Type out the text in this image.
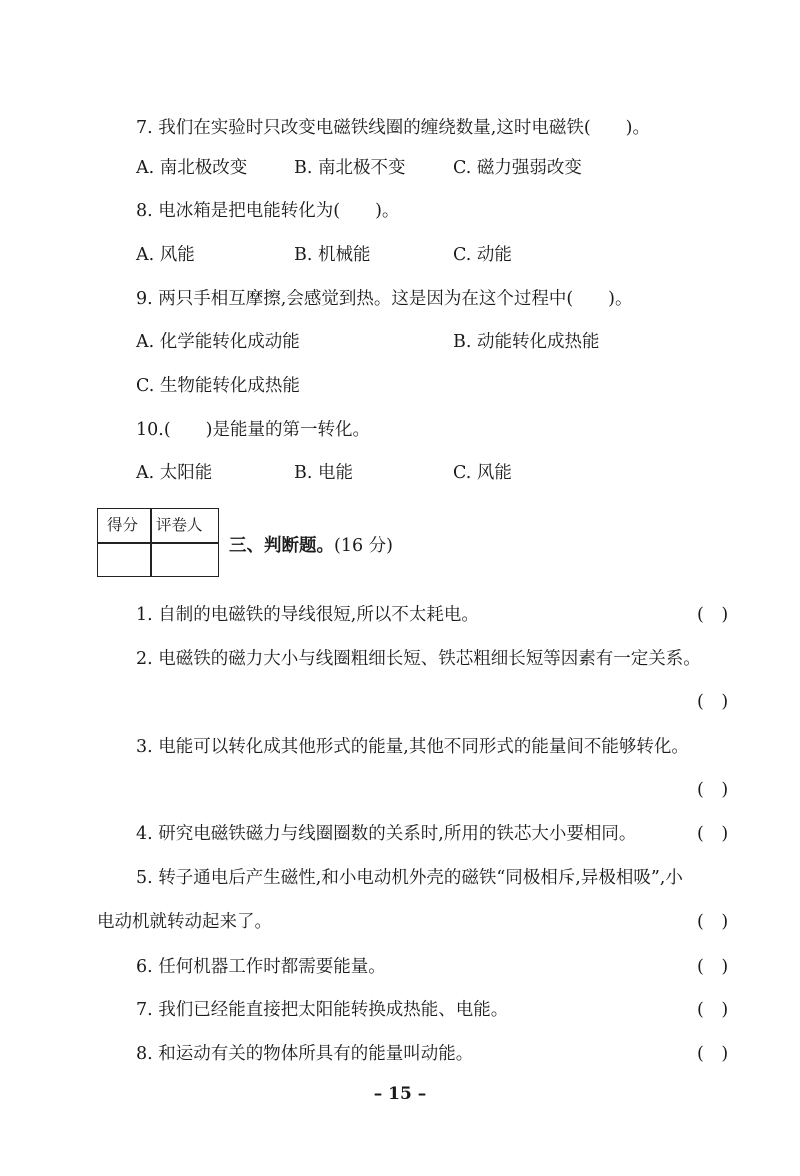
7. 我们在实验时只改变电磁铁线圈的缠绕数量,这时电磁铁(　　)。
A. 南北极改变	B. 南北极不变	C. 磁力强弱改变
8. 电冰箱是把电能转化为(　　)。
A. 风能	B. 机械能	C. 动能
9. 两只手相互摩擦,会感觉到热。这是因为在这个过程中(　　)。
A. 化学能转化成动能	B. 动能转化成热能
C. 生物能转化成热能
10.(　　)是能量的第一转化。
A. 太阳能	B. 电能	C. 风能
得分 评卷人
三、判断题。(16 分)
1. 自制的电磁铁的导线很短,所以不太耗电。	(　)
2. 电磁铁的磁力大小与线圈粗细长短、铁芯粗细长短等因素有一定关系。
(　)
3. 电能可以转化成其他形式的能量,其他不同形式的能量间不能够转化。
(　)
4. 研究电磁铁磁力与线圈圈数的关系时,所用的铁芯大小要相同。	(　)
5. 转子通电后产生磁性,和小电动机外壳的磁铁“同极相斥,异极相吸”,小
电动机就转动起来了。	(　)
6. 任何机器工作时都需要能量。	(　)
7. 我们已经能直接把太阳能转换成热能、电能。	(　)
8. 和运动有关的物体所具有的能量叫动能。	(　)
– 15 –
